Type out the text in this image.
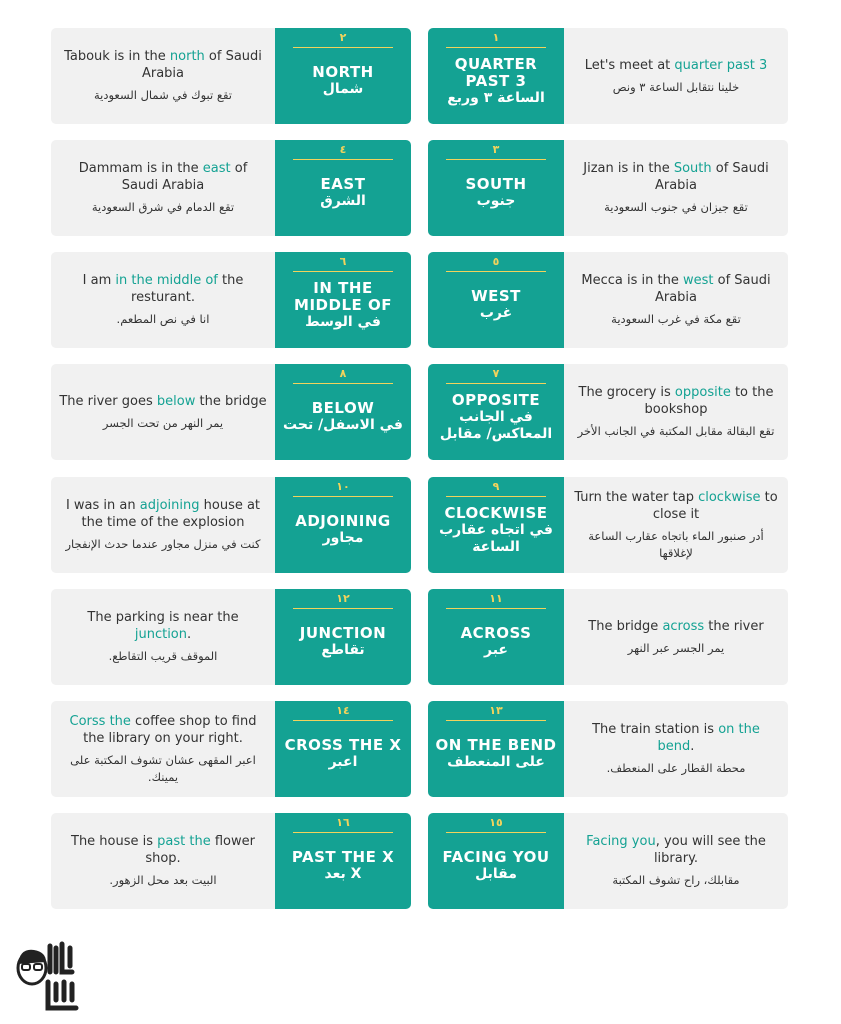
١
QUARTER PAST 3
الساعة ٣ وربع
Let's meet at quarter past 3
خلينا نتقابل الساعة ٣ ونص
Tabouk is in the north of Saudi Arabia
تقع تبوك في شمال السعودية
٢
NORTH
شمال
٣
SOUTH
جنوب
Jizan is in the South of Saudi Arabia
تقع جيزان في جنوب السعودية
Dammam is in the east of Saudi Arabia
تقع الدمام في شرق السعودية
٤
EAST
الشرق
٥
WEST
غرب
Mecca is in the west of Saudi Arabia
تقع مكة في غرب السعودية
I am in the middle of the resturant.
انا في نص المطعم.
٦
IN THE MIDDLE OF
في الوسط
٧
OPPOSITE
في الجانب المعاكس/ مقابل
The grocery is opposite to the bookshop
تقع البقالة مقابل المكتبة في الجانب الأخر
The river goes below the bridge
يمر النهر من تحت الجسر
٨
BELOW
في الاسفل/ تحت
٩
CLOCKWISE
في اتجاه عقارب الساعة
Turn the water tap clockwise to close it
أدر صنبور الماء باتجاه عقارب الساعة لإغلاقها
I was in an adjoining house at the time of the explosion
كنت في منزل مجاور عندما حدث الإنفجار
١٠
ADJOINING
مجاور
١١
ACROSS
عبر
The bridge across the river
يمر الجسر عبر النهر
The parking is near the junction.
الموقف قريب التقاطع.
١٢
JUNCTION
تقاطع
١٣
ON THE BEND
على المنعطف
The train station is on the bend.
محطة القطار على المنعطف.
Corss the coffee shop to find the library on your right.
اعبر المقهى عشان تشوف المكتبة على يمينك.
١٤
CROSS THE X
اعبر
١٥
FACING YOU
مقابل
Facing you, you will see the library.
مقابلك، راح تشوف المكتبة
The house is past the flower shop.
البيت بعد محل الزهور.
١٦
PAST THE X
X بعد
